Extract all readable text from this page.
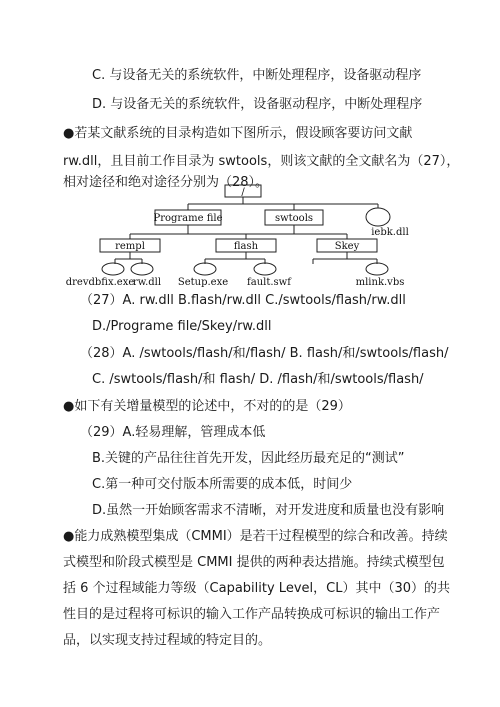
C. 与设备无关的系统软件，中断处理程序，设备驱动程序
D. 与设备无关的系统软件，设备驱动程序，中断处理程序
●若某文献系统的目录构造如下图所示，假设顾客要访问文献
rw.dll，且目前工作目录为 swtools，则该文献的全文献名为（27），
相对途径和绝对途径分别为（28）。
/
Programe file	swtools
iebk.dll
rempl	flash	Skey
drevdbfix.exe
rw.dll Setup.exe fault.swf	mlink.vbs
（27）A. rw.dll B.flash/rw.dll C./swtools/flash/rw.dll
D./Programe file/Skey/rw.dll
（28）A. /swtools/flash/和/flash/ B. flash/和/swtools/flash/
C. /swtools/flash/和 flash/ D. /flash/和/swtools/flash/
●如下有关增量模型的论述中，不对的的是（29）
（29）A.轻易理解，管理成本低
B.关键的产品往往首先开发，因此经历最充足的“测试”
C.第一种可交付版本所需要的成本低，时间少
D.虽然一开始顾客需求不清晰，对开发进度和质量也没有影响
●能力成熟模型集成（CMMI）是若干过程模型的综合和改善。持续
式模型和阶段式模型是 CMMI 提供的两种表达措施。持续式模型包
括 6 个过程域能力等级（Capability Level，CL）其中（30）的共
性目的是过程将可标识的输入工作产品转换成可标识的输出工作产
品，以实现支持过程域的特定目的。
